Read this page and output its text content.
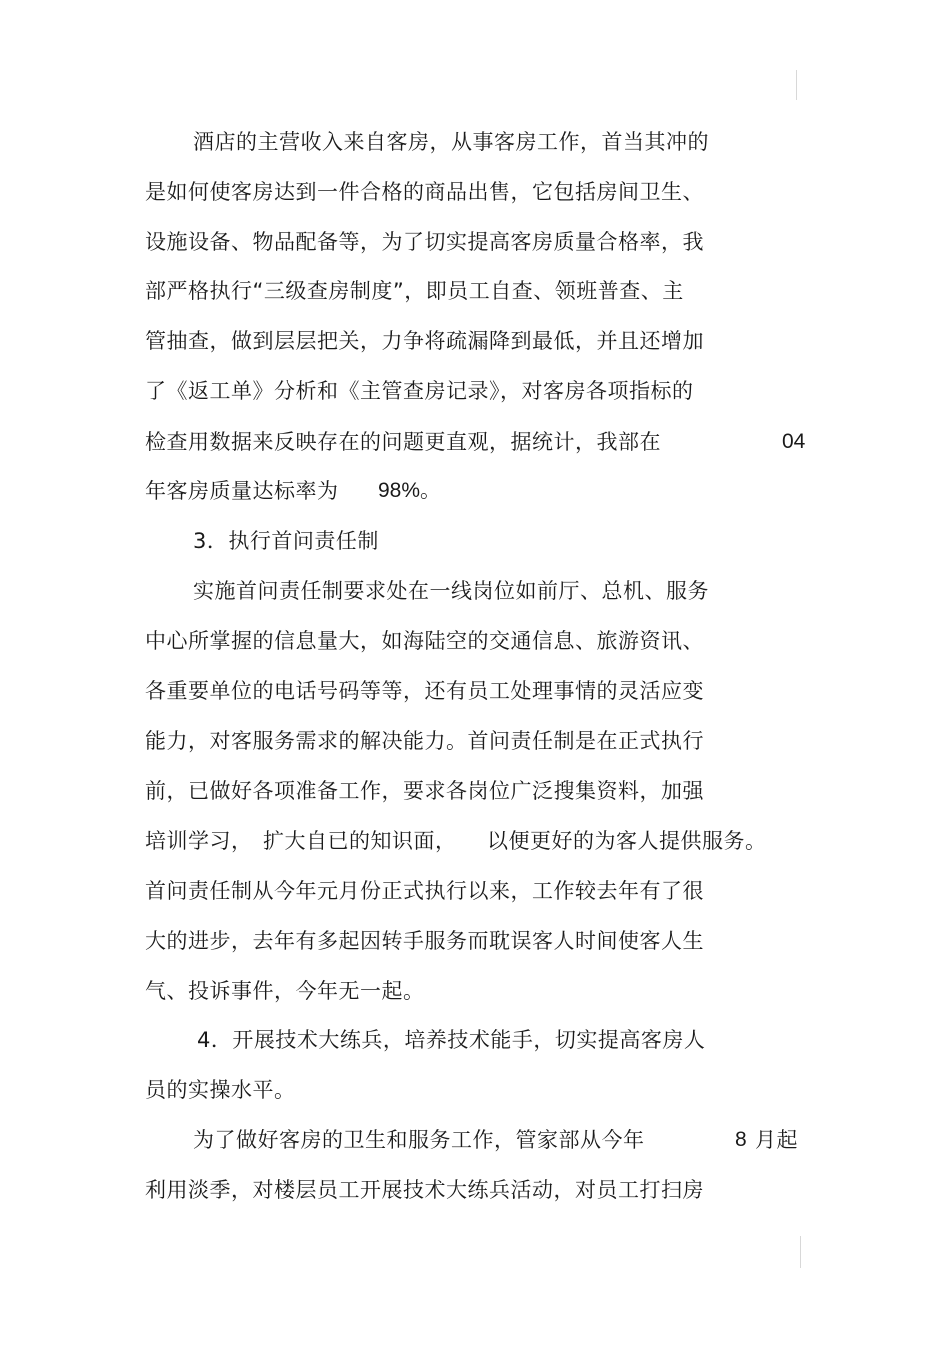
酒店的主营收入来自客房，从事客房工作，首当其冲的
是如何使客房达到一件合格的商品出售，它包括房间卫生、
设施设备、物品配备等，为了切实提高客房质量合格率，我
部严格执行“三级查房制度”，即员工自查、领班普查、主
管抽查，做到层层把关，力争将疏漏降到最低，并且还增加
了《返工单》分析和《主管查房记录》，对客房各项指标的
检查用数据来反映存在的问题更直观，据统计，我部在	04
年客房质量达标率为 98%。
3．执行首问责任制
实施首问责任制要求处在一线岗位如前厅、总机、服务
中心所掌握的信息量大，如海陆空的交通信息、旅游资讯、
各重要单位的电话号码等等，还有员工处理事情的灵活应变
能力，对客服务需求的解决能力。首问责任制是在正式执行
前，已做好各项准备工作，要求各岗位广泛搜集资料，加强
培训学习， 扩大自已的知识面， 以便更好的为客人提供服务。
首问责任制从今年元月份正式执行以来，工作较去年有了很
大的进步，去年有多起因转手服务而耽误客人时间使客人生
气、投诉事件，今年无一起。
4．开展技术大练兵，培养技术能手，切实提高客房人
员的实操水平。
为了做好客房的卫生和服务工作，管家部从今年	8 月起
利用淡季，对楼层员工开展技术大练兵活动，对员工打扫房
